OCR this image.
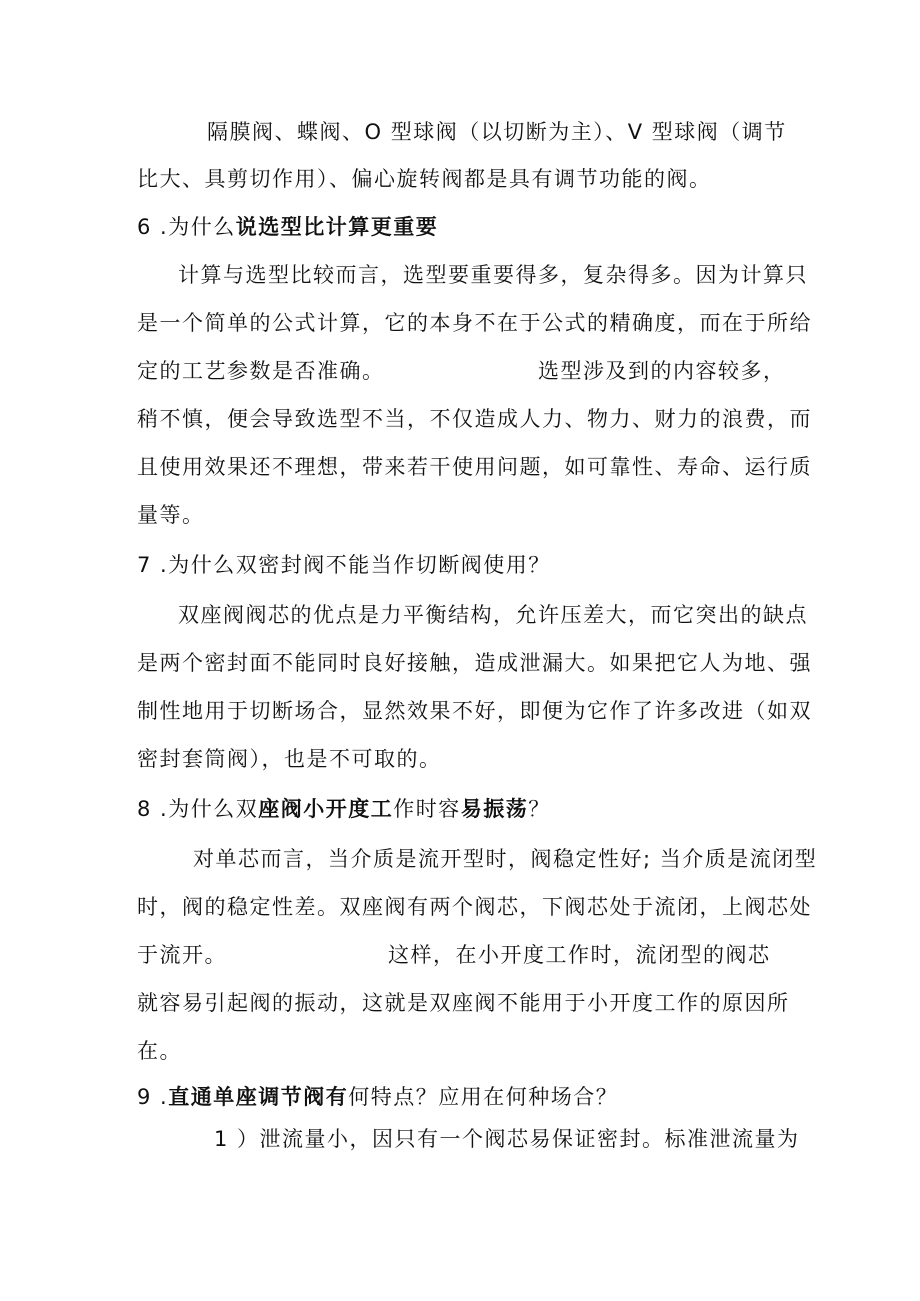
隔膜阀、蝶阀、O 型球阀（以切断为主）、V 型球阀（调节
比大、具剪切作用）、偏心旋转阀都是具有调节功能的阀。
6 .为什么说选型比计算更重要
计算与选型比较而言，选型要重要得多，复杂得多。因为计算只
是一个简单的公式计算，它的本身不在于公式的精确度，而在于所给
定的工艺参数是否准确。	选型涉及到的内容较多，
稍不慎，便会导致选型不当，不仅造成人力、物力、财力的浪费，而
且使用效果还不理想，带来若干使用问题，如可靠性、寿命、运行质
量等。
7 .为什么双密封阀不能当作切断阀使用？
双座阀阀芯的优点是力平衡结构，允许压差大，而它突出的缺点
是两个密封面不能同时良好接触，造成泄漏大。如果把它人为地、强
制性地用于切断场合，显然效果不好，即便为它作了许多改进（如双
密封套筒阀），也是不可取的。
8 .为什么双座阀小开度工作时容易振荡？
对单芯而言，当介质是流开型时，阀稳定性好; 当介质是流闭型
时，阀的稳定性差。双座阀有两个阀芯，下阀芯处于流闭，上阀芯处
于流开。	这样，在小开度工作时，流闭型的阀芯
就容易引起阀的振动，这就是双座阀不能用于小开度工作的原因所
在。
9 .直通单座调节阀有何特点？应用在何种场合？
1 ）泄流量小，因只有一个阀芯易保证密封。标准泄流量为
